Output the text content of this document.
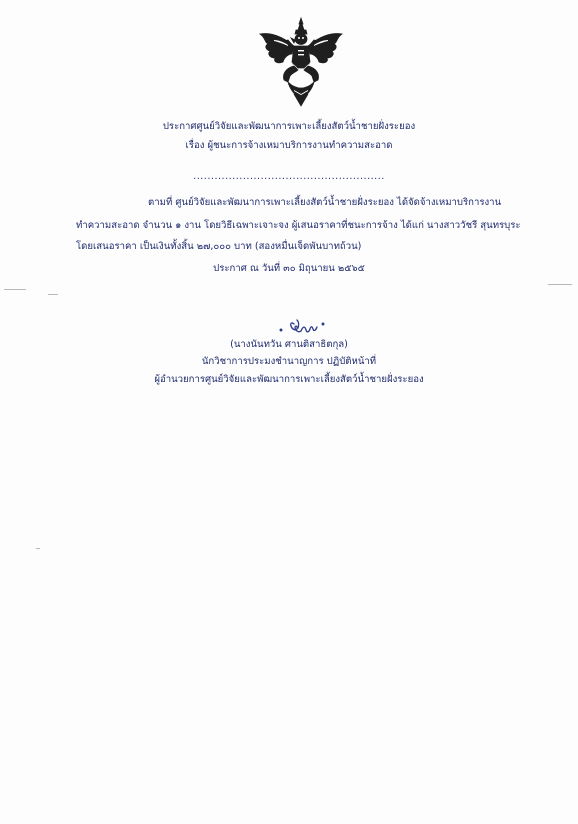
ประกาศศูนย์วิจัยและพัฒนาการเพาะเลี้ยงสัตว์น้ำชายฝั่งระยอง
เรื่อง ผู้ชนะการจ้างเหมาบริการงานทำความสะอาด
......................................................
ตามที่ ศูนย์วิจัยและพัฒนาการเพาะเลี้ยงสัตว์น้ำชายฝั่งระยอง ได้จัดจ้างเหมาบริการงาน
ทำความสะอาด จำนวน ๑ งาน โดยวิธีเฉพาะเจาะจง ผู้เสนอราคาที่ชนะการจ้าง ได้แก่ นางสาววัชรี สุนทรบุระ
โดยเสนอราคา เป็นเงินทั้งสิ้น ๒๗,๐๐๐ บาท (สองหมื่นเจ็ดพันบาทถ้วน)
ประกาศ ณ วันที่ ๓๐ มิถุนายน ๒๕๖๕
(นางนันทวัน ศานติสาธิตกุล)
นักวิชาการประมงชำนาญการ ปฏิบัติหน้าที่
ผู้อำนวยการศูนย์วิจัยและพัฒนาการเพาะเลี้ยงสัตว์น้ำชายฝั่งระยอง
